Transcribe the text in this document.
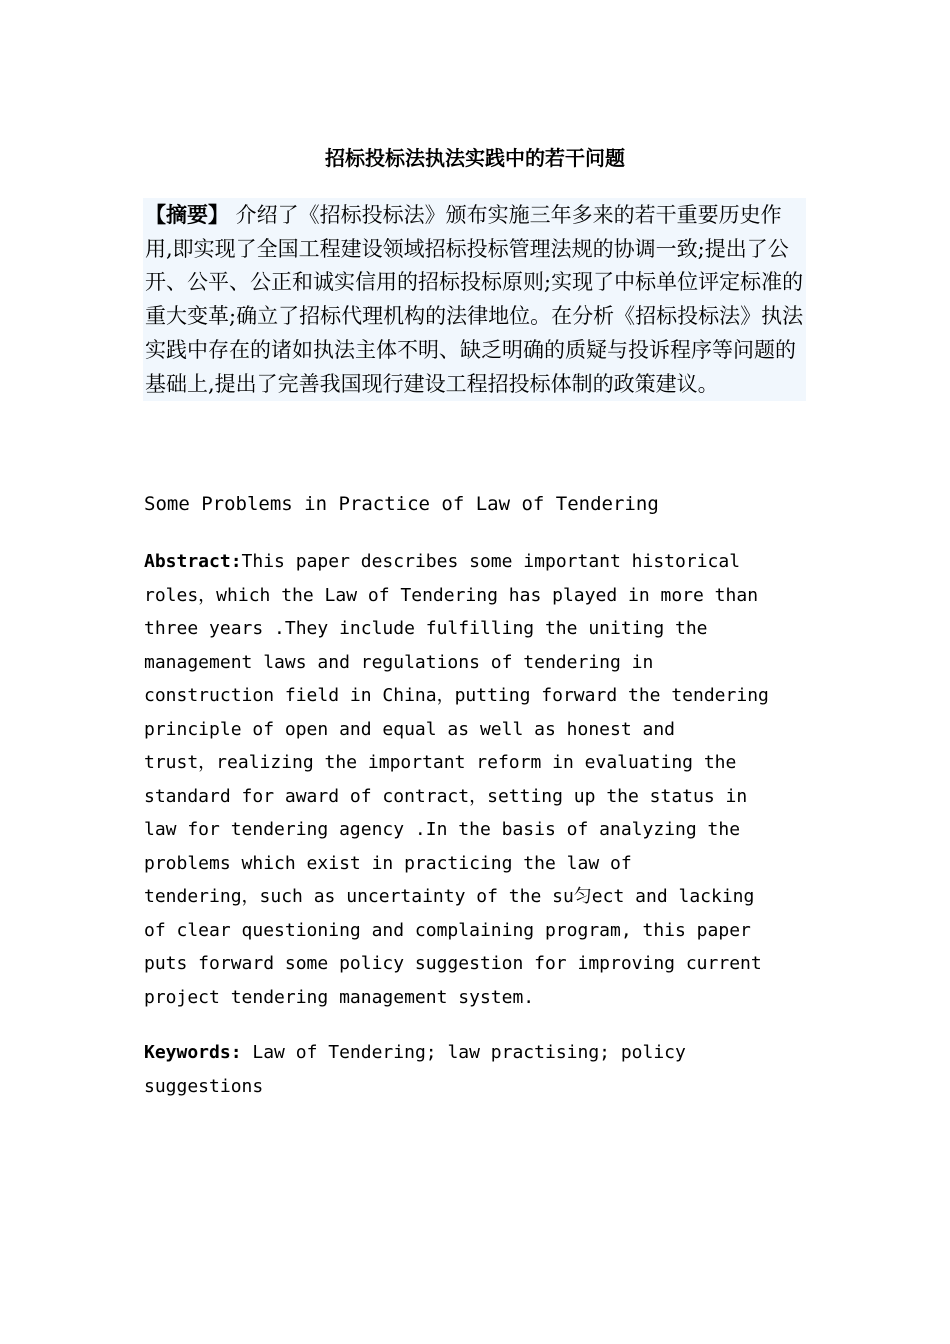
招标投标法执法实践中的若干问题
【摘要】 介绍了《招标投标法》颁布实施三年多来的若干重要历史作用,即实现了全国工程建设领域招标投标管理法规的协调一致;提出了公开、公平、公正和诚实信用的招标投标原则;实现了中标单位评定标准的重大变革;确立了招标代理机构的法律地位。在分析《招标投标法》执法实践中存在的诸如执法主体不明、缺乏明确的质疑与投诉程序等问题的基础上,提出了完善我国现行建设工程招投标体制的政策建议。
Some Problems in Practice of Law of Tendering
Abstract:This paper describes some important historical
roles，which the Law of Tendering has played in more than
three years .They include fulfilling the uniting the
management laws and regulations of tendering in
construction field in China，putting forward the tendering
principle of open and equal as well as honest and
trust，realizing the important reform in evaluating the
standard for award of contract，setting up the status in
law for tendering agency .In the basis of analyzing the
problems which exist in practicing the law of
tendering，such as uncertainty of the su匀ect and lacking
of clear questioning and complaining program, this paper
puts forward some policy suggestion for improving current
project tendering management system.
Keywords: Law of Tendering; law practising; policy
suggestions
